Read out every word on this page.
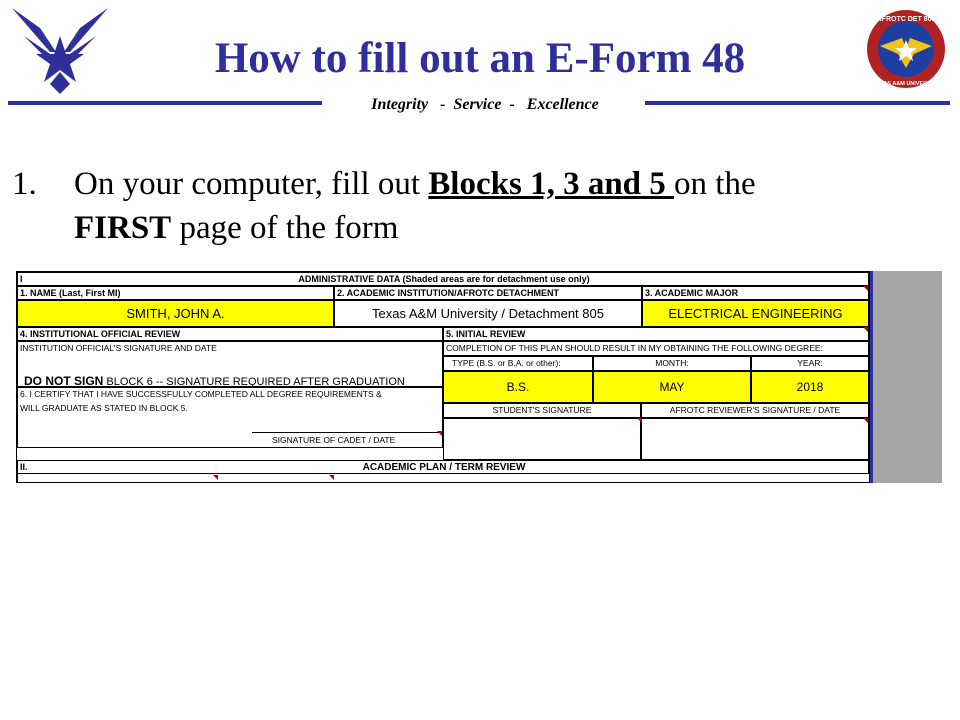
AFROTC DET 805
TEXAS A&M UNIVERSITY
How to fill out an E-Form 48
Integrity   -  Service  -   Excellence
1. On your computer, fill out Blocks 1, 3 and 5 on the
FIRST page of the form
I	ADMINISTRATIVE DATA (Shaded areas are for detachment use only)
1. NAME (Last, First MI)	2. ACADEMIC INSTITUTION/AFROTC DETACHMENT	3. ACADEMIC MAJOR
SMITH, JOHN A.	Texas A&M University / Detachment 805	ELECTRICAL ENGINEERING
4. INSTITUTIONAL OFFICIAL REVIEW
INSTITUTION OFFICIAL'S SIGNATURE AND DATE
DO NOT SIGN BLOCK 6 -- SIGNATURE REQUIRED AFTER GRADUATION
5. INITIAL REVIEW
COMPLETION OF THIS PLAN SHOULD RESULT IN MY OBTAINING THE FOLLOWING DEGREE:
TYPE (B.S. or B.A. or other):	MONTH:	YEAR:
B.S.	MAY	2018
6. I CERTIFY THAT I HAVE SUCCESSFULLY COMPLETED ALL DEGREE REQUIREMENTS &
WILL GRADUATE AS STATED IN BLOCK 5.
SIGNATURE OF CADET / DATE
STUDENT'S SIGNATURE	AFROTC REVIEWER'S SIGNATURE / DATE
II.	ACADEMIC PLAN / TERM REVIEW
